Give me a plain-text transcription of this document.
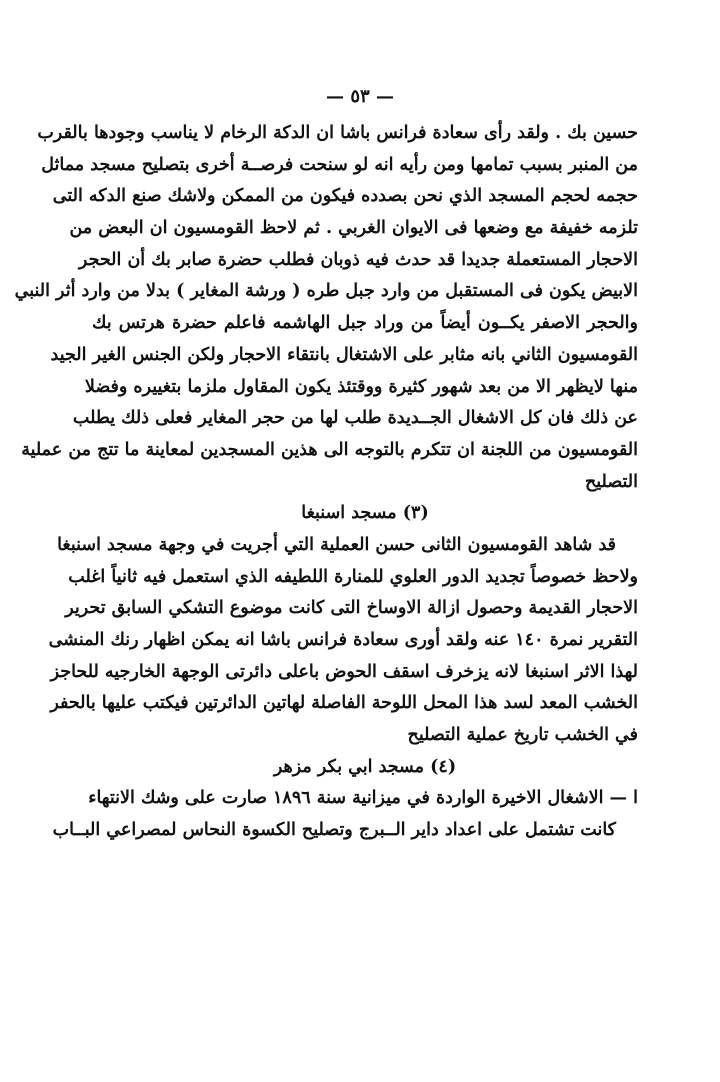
— ٥٣ —
حسين بك . ولقد رأى سعادة فرانس باشا ان الدكة الرخام لا يناسب وجودها بالقرب
من المنبر بسبب تمامها ومن رأيه انه لو سنحت فرصــة أخرى بتصليح مسجد مماثل
حجمه لحجم المسجد الذي نحن بصدده فيكون من الممكن ولاشك صنع الدكه التى
تلزمه خفيفة مع وضعها فى الايوان الغربي . ثم لاحظ القومسيون ان البعض من
الاحجار المستعملة جديدا قد حدث فيه ذوبان فطلب حضرة صابر بك أن الحجر
الابيض يكون فى المستقبل من وارد جبل طره ( ورشة المغاير ) بدلا من وارد أثر النبي
والحجر الاصفر يكــون أيضاً من وراد جبل الهاشمه فاعلم حضرة هرتس بك
القومسيون الثاني بانه مثابر على الاشتغال بانتقاء الاحجار ولكن الجنس الغير الجيد
منها لايظهر الا من بعد شهور كثيرة ووقتئذ يكون المقاول ملزما بتغييره وفضلا
عن ذلك فان كل الاشغال الجــديدة طلب لها من حجر المغاير فعلى ذلك يطلب
القومسيون من اللجنة ان تتكرم بالتوجه الى هذين المسجدين لمعاينة ما تتج من عملية
التصليح
(٣) مسجد اسنبغا
قد شاهد القومسيون الثانى حسن العملية التي أجريت في وجهة مسجد اسنبغا
ولاحظ خصوصاً تجديد الدور العلوي للمنارة اللطيفه الذي استعمل فيه ثانياً اغلب
الاحجار القديمة وحصول ازالة الاوساخ التى كانت موضوع التشكي السابق تحرير
التقرير نمرة ١٤٠ عنه ولقد أورى سعادة فرانس باشا انه يمكن اظهار رنك المنشى
لهذا الاثر اسنبغا لانه يزخرف اسقف الحوض باعلى دائرتى الوجهة الخارجيه للحاجز
الخشب المعد لسد هذا المحل اللوحة الفاصلة لهاتين الدائرتين فيكتب عليها بالحفر
في الخشب تاريخ عملية التصليح
(٤) مسجد ابي بكر مزهر
ا — الاشغال الاخيرة الواردة في ميزانية سنة ١٨٩٦ صارت على وشك الانتهاء
كانت تشتمل على اعداد داير الــبرج وتصليح الكسوة النحاس لمصراعي البــاب
